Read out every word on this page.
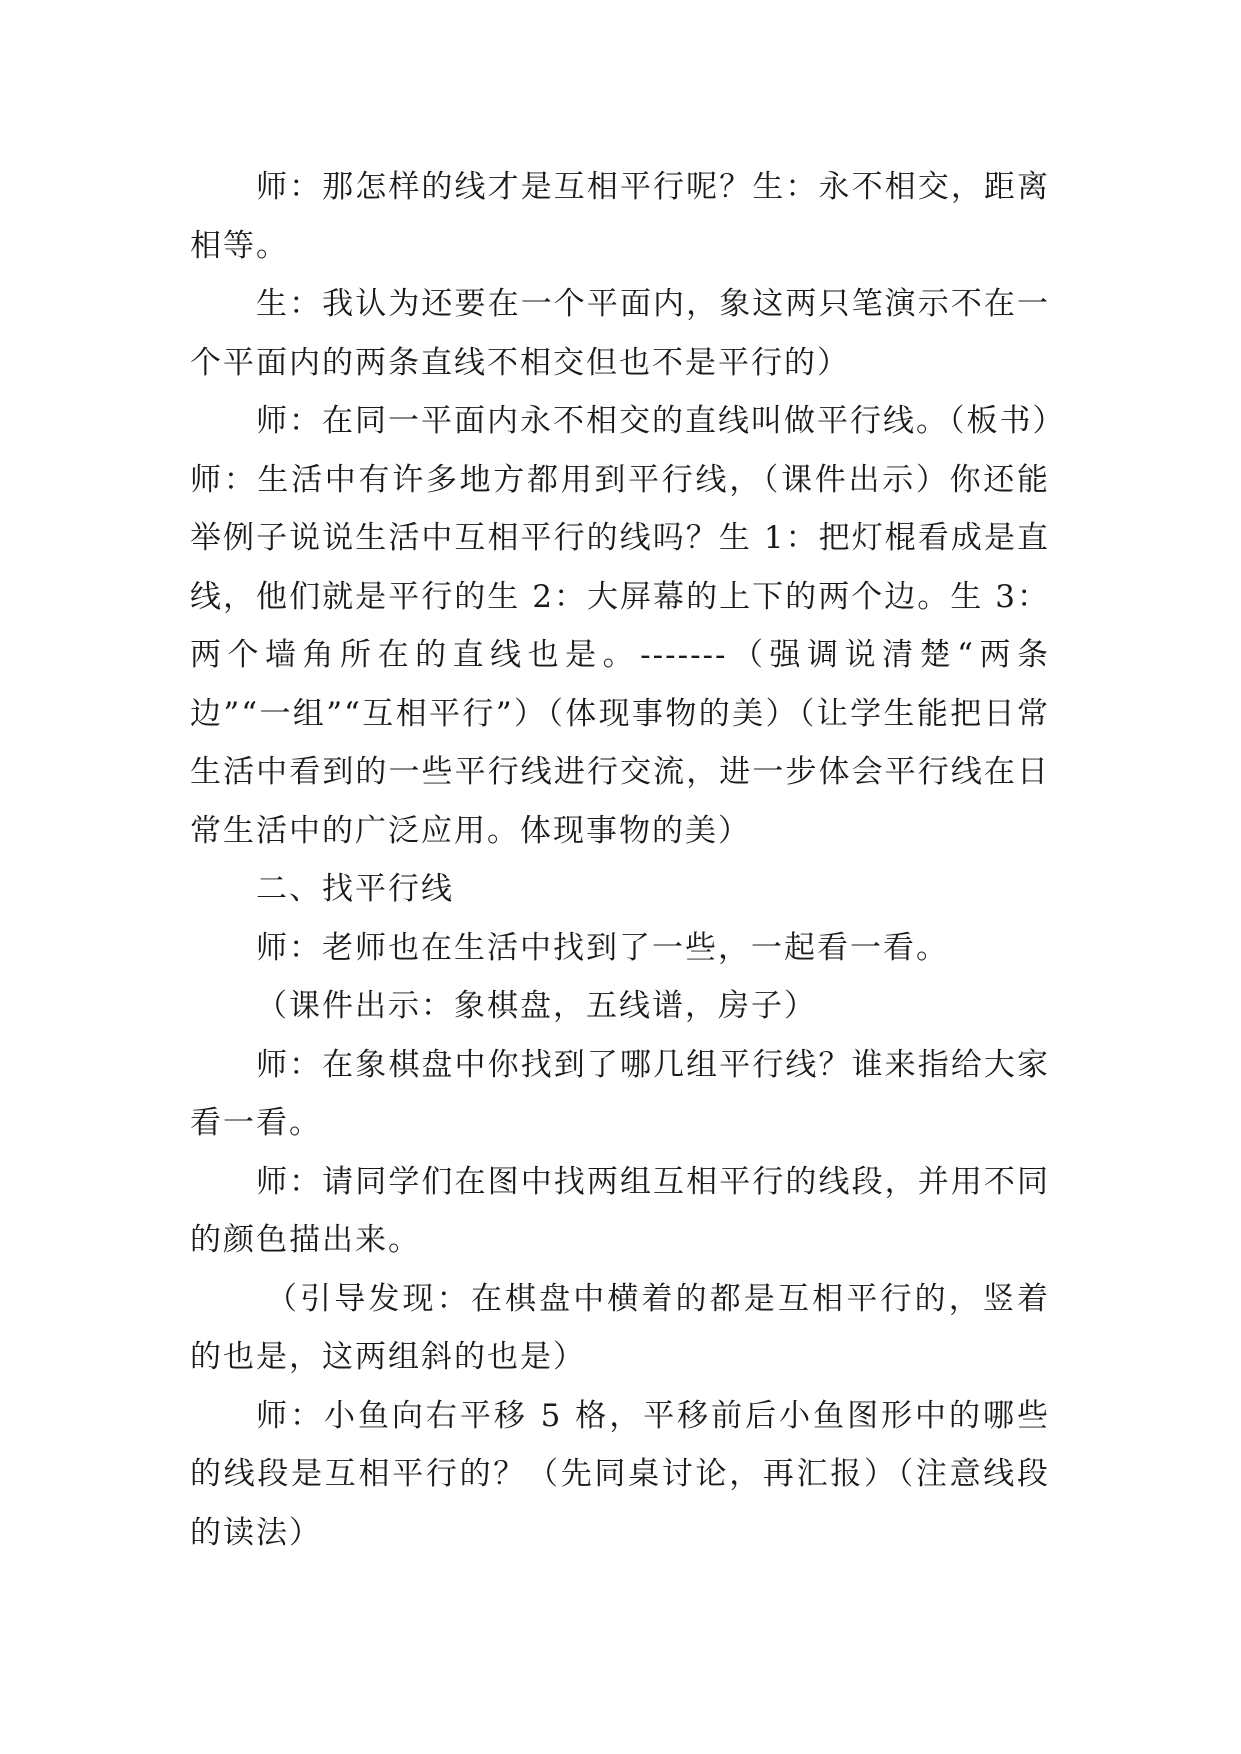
师：那怎样的线才是互相平行呢？生：永不相交，距离相等。

生：我认为还要在一个平面内，象这两只笔演示不在一个平面内的两条直线不相交但也不是平行的）

师：在同一平面内永不相交的直线叫做平行线。（板书）

师：生活中有许多地方都用到平行线，（课件出示）你还能举例子说说生活中互相平行的线吗？生 1：把灯棍看成是直线，他们就是平行的生 2：大屏幕的上下的两个边。生 3：两个墙角所在的直线也是。-------（强调说清楚“两条边”“一组”“互相平行”）（体现事物的美）（让学生能把日常生活中看到的一些平行线进行交流，进一步体会平行线在日常生活中的广泛应用。体现事物的美）

二、找平行线

师：老师也在生活中找到了一些，一起看一看。

（课件出示：象棋盘，五线谱，房子）

师：在象棋盘中你找到了哪几组平行线？谁来指给大家看一看。

师：请同学们在图中找两组互相平行的线段，并用不同的颜色描出来。

（引导发现：在棋盘中横着的都是互相平行的，竖着的也是，这两组斜的也是）

师：小鱼向右平移 5 格，平移前后小鱼图形中的哪些的线段是互相平行的？（先同桌讨论，再汇报）（注意线段的读法）
